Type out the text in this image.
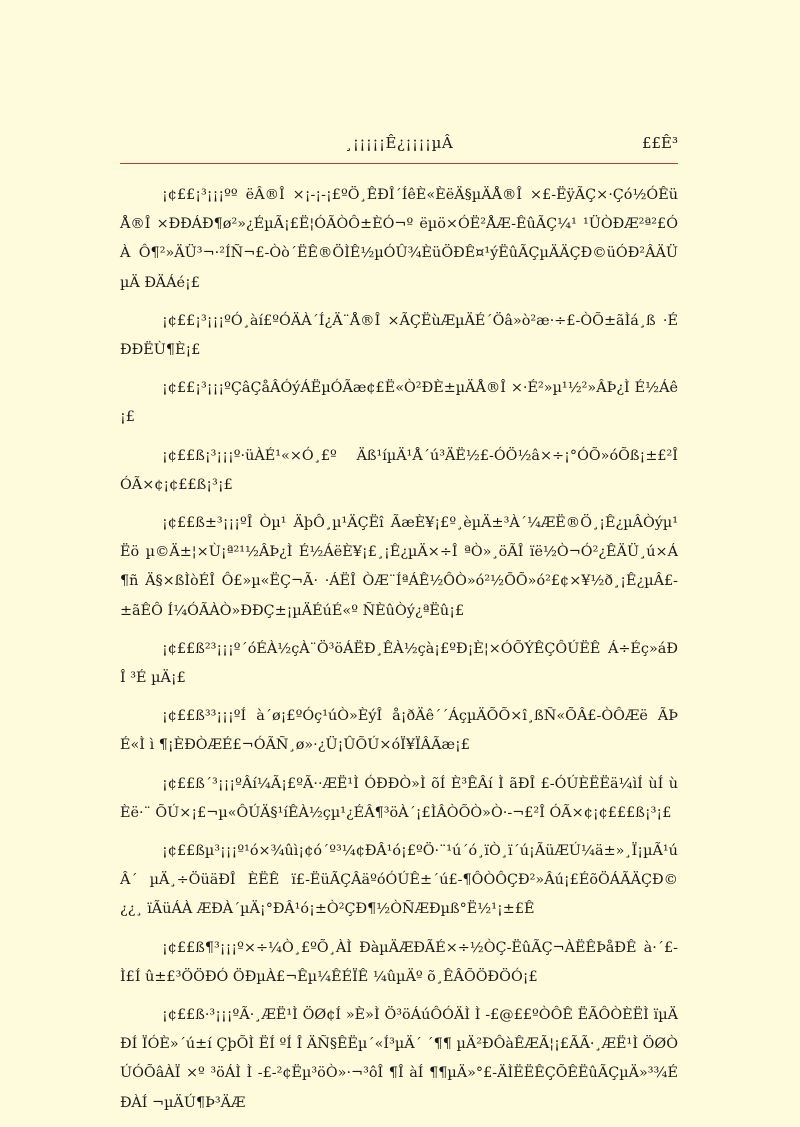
¸¡¡¡¡¡Ê¿¡¡¡¡µÂ	££Ê³

¡¢££¡³¡¡¡ºº ëÂ®Î ×¡-¡-¡£ºÖ¸ÊÐÎ´ÍêÈ«ÈëÄ§µÄÅ®Î ×£-ËÿÃÇ×·Çó½ÓÊü Å®Î ×ÐÐÁÐ¶ø²»¿ÉµÃ¡£Ë¦ÓÃÒÔ±ÈÓ¬º ëµö×ÓË²ÅÆ-ÊûÃÇ¼¹ ¹ÜÒÐÆ²ª²£ÓÀ Ô¶²»ÄÜ³¬·²ÍÑ¬£-Òò´ËÊ®ÖÌÊ½µÓÛ¾ÈüÖÐÊ¤¹ýËûÃÇµÄÄÇÐ©üÓÐ²ÂÄÜµÄ ÐÄÁé¡£

¡¢££¡³¡¡¡ºÓ¸àí£ºÓÄÀ´Í¿Ä¨Å®Î ×ÃÇËùÆµÄÉ´Öâ»ò²æ·÷£-ÒÕ±ãÌá¸ß ·ÉÐÐËÙ¶È¡£

¡¢££¡³¡¡¡ºÇâÇåÂÓýÁËµÓÃæ¢£Ë«Ò²ÐÈ±µÄÅ®Î ×·É²»µ¹½²»ÂÞ¿Ì É½Áê¡£

¡¢££ß¡³¡¡¡º·üÀÉ¹«×Ó¸£º Äß¹íµÄ¹Å´ú³ÄË½£-ÓÖ½â×÷¡°ÓÕ»óÕß¡±£²Î ÓÃ×¢¡¢££ß¡³¡£

¡¢££ß±³¡¡¡ºÎ Òµ¹ ÄþÔ¸µ¹ÄÇËî ÃæÈ¥¡£º¸èµÄ±³À´¼ÆË®Ö¸¡Ê¿µÂÒýµ¹Ëö µ©Ä±¦×Ù¡ª²¹½ÂÞ¿Ì É½ÁëÈ¥¡£¸¡Ê¿µÄ×÷Î ªÒ»¸öÃÎ ïë½Ò¬Ó²¿ÊÄÜ¸ú×Á¶ñ Ä§×ßÌòÉÎ Ô£»µ«ËÇ¬Ã· ·ÁËÎ ÒÆ¨ÍªÁÊ½ÔÒ»ó²½ÕÕ»ó²£¢×¥½ð¸¡Ê¿µÂ£-±ãÊÔ Í¼ÓÃÀÒ»ÐÐÇ±¡µÄÉúÉ«º ÑÈûÒý¿ªËû¡£

¡¢££ß²³¡¡¡º´óÉÀ½çÀ¨Ö³öÁËÐ¸ÊÀ½çà¡£ºÐ¡È¦×ÓÕÝÊÇÔÚËÊ Á÷Éç»áÐÎ ³É µÄ¡£

¡¢££ß³³¡¡¡ºÍ à´ø¡£ºÓç¹úÒ»ÈýÎ å¡ðÄê´´ÁçµÄÕÕ×î¸ßÑ«ÕÂ£-ÒÔÆë ÃÞÉ«Ì ì ¶¡ÈÐÒÆÉ£¬ÓÃÑ¸ø»·¿Ü¡ÛÕÚ×óÏ¥ÏÂÃæ¡£

¡¢££ß´³¡¡¡ºÂí¼Ã¡£ºÃ··ÆË¹Ì ÓÐÐÒ»Ì õÍ È³ÊÂí Ì ãÐÎ £-ÓÚÈËËä¼ìÍ ùÍ ùÈë·¨ ÕÚ×¡£¬µ«ÔÚÄ§¹íÊÀ½çµ¹¿ÉÂ¶³öÀ´¡£ÌÂÒÕÒ»Ò·-¬£²Î ÓÃ×¢¡¢£££ß¡³¡£

¡¢££ßµ³¡¡¡º¹ó×¾ûì¡¢ó´º³¼¢ÐÂ¹ó¡£ºÖ·¨¹ú´ó¸ïÒ¸ï´ú¡ÃüÆÚ¼ä±»¸Ï¡µÃ¹úÂ´ µÄ¸÷ÖüäÐÎ ÈËÊ ï£-ËüÃÇÂäºóÓÚÊ±´ú£-¶ÔÒÔÇÐ²»Âú¡£ÉõÖÁÃÄÇÐ©¿¿¸ ïÃüÁÀ ÆÐÀ´µÄ¡°ÐÂ¹ó¡±Ò²ÇÐ¶½ÒÑÆÐµß°Ë½¹¡±£Ê

¡¢££ß¶³¡¡¡º×÷¼Ò¸£ºÕ¸ÀÌ ÐàµÄÆÐÃÉ×÷½ÒÇ-ËûÃÇ¬ÀËÊÞåÐÊ à·´£-Ì£Í û±£³ÖÖÐÓ ÖÐµÀ£¬Êµ¼ÊÉÏÊ ¼ûµÄº õ¸ÊÂÕÖÐÖÓ¡£

¡¢££ß·³¡¡¡ºÃ·¸ÆË¹Ì ÖØ¢Í »È»Ì Ö³öÁúÔÓÄÌ Ì -£@££ºÒÔÊ ËÃÔÒÈËÌ ïµÄÐÍ ÏÓÈ»´ú±í ÇþÕÌ ËÍ ºÍ Î ÄÑ§ÊËµ´«Í³µÄ´ ´¶¶ µÄ²ÐÔàÊÆÃ¦¡£ÃÃ·¸ÆË¹Ì ÖØÒÚÓÕâÀÏ ×º ³öÁÌ Ì -£-²¢Ëµ³öÒ»·¬³ôÎ ¶Î àÍ ¶¶µÄ»°£-ÄÌËËÊÇÕÊËûÃÇµÄ»³¾ÉÐÀÍ ¬µÄÚ¶Þ³ÄÆ
